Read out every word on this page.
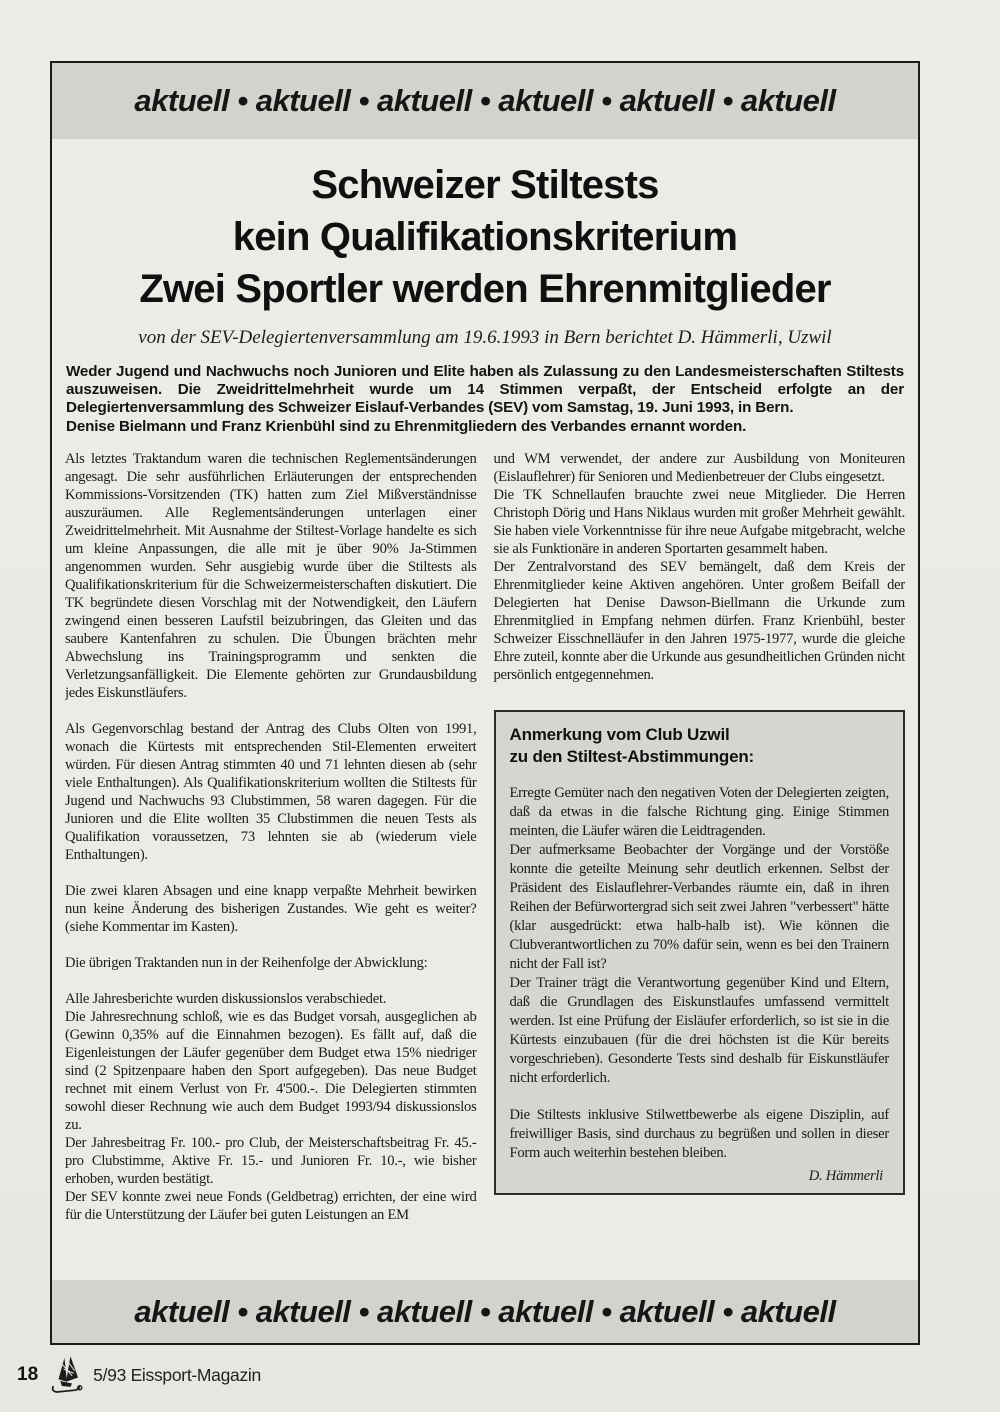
aktuell • aktuell • aktuell • aktuell • aktuell • aktuell
Schweizer Stiltests
kein Qualifikationskriterium
Zwei Sportler werden Ehrenmitglieder
von der SEV-Delegiertenversammlung am 19.6.1993 in Bern berichtet D. Hämmerli, Uzwil

Weder Jugend und Nachwuchs noch Junioren und Elite haben als Zulassung zu den Landesmeisterschaften Stiltests auszuweisen. Die Zweidrittelmehrheit wurde um 14 Stimmen verpaßt, der Entscheid erfolgte an der Delegiertenversammlung des Schweizer Eislauf-Verbandes (SEV) vom Samstag, 19. Juni 1993, in Bern.

Denise Bielmann und Franz Krienbühl sind zu Ehrenmitgliedern des Verbandes ernannt worden.

Als letztes Traktandum waren die technischen Reglementsänderungen angesagt. Die sehr ausführlichen Erläuterungen der entsprechenden Kommissions-Vorsitzenden (TK) hatten zum Ziel Mißverständnisse auszuräumen. Alle Reglementsänderungen unterlagen einer Zweidrittelmehrheit. Mit Ausnahme der Stiltest-Vorlage handelte es sich um kleine Anpassungen, die alle mit je über 90% Ja-Stimmen angenommen wurden. Sehr ausgiebig wurde über die Stiltests als Qualifikationskriterium für die Schweizermeisterschaften diskutiert. Die TK begründete diesen Vorschlag mit der Notwendigkeit, den Läufern zwingend einen besseren Laufstil beizubringen, das Gleiten und das saubere Kantenfahren zu schulen. Die Übungen brächten mehr Abwechslung ins Trainingsprogramm und senkten die Verletzungsanfälligkeit. Die Elemente gehörten zur Grundausbildung jedes Eiskunstläufers.

Als Gegenvorschlag bestand der Antrag des Clubs Olten von 1991, wonach die Kürtests mit entsprechenden Stil-Elementen erweitert würden. Für diesen Antrag stimmten 40 und 71 lehnten diesen ab (sehr viele Enthaltungen). Als Qualifikationskriterium wollten die Stiltests für Jugend und Nachwuchs 93 Clubstimmen, 58 waren dagegen. Für die Junioren und die Elite wollten 35 Clubstimmen die neuen Tests als Qualifikation voraussetzen, 73 lehnten sie ab (wiederum viele Enthaltungen).

Die zwei klaren Absagen und eine knapp verpaßte Mehrheit bewirken nun keine Änderung des bisherigen Zustandes. Wie geht es weiter? (siehe Kommentar im Kasten).

Die übrigen Traktanden nun in der Reihenfolge der Abwicklung:

Alle Jahresberichte wurden diskussionslos verabschiedet.

Die Jahresrechnung schloß, wie es das Budget vorsah, ausgeglichen ab (Gewinn 0,35% auf die Einnahmen bezogen). Es fällt auf, daß die Eigenleistungen der Läufer gegenüber dem Budget etwa 15% niedriger sind (2 Spitzenpaare haben den Sport aufgegeben). Das neue Budget rechnet mit einem Verlust von Fr. 4'500.-. Die Delegierten stimmten sowohl dieser Rechnung wie auch dem Budget 1993/94 diskussionslos zu.

Der Jahresbeitrag Fr. 100.- pro Club, der Meisterschaftsbeitrag Fr. 45.- pro Clubstimme, Aktive Fr. 15.- und Junioren Fr. 10.-, wie bisher erhoben, wurden bestätigt.

Der SEV konnte zwei neue Fonds (Geldbetrag) errichten, der eine wird für die Unterstützung der Läufer bei guten Leistungen an EM

und WM verwendet, der andere zur Ausbildung von Moniteuren (Eislauflehrer) für Senioren und Medienbetreuer der Clubs eingesetzt.

Die TK Schnellaufen brauchte zwei neue Mitglieder. Die Herren Christoph Dörig und Hans Niklaus wurden mit großer Mehrheit gewählt. Sie haben viele Vorkenntnisse für ihre neue Aufgabe mitgebracht, welche sie als Funktionäre in anderen Sportarten gesammelt haben.

Der Zentralvorstand des SEV bemängelt, daß dem Kreis der Ehrenmitglieder keine Aktiven angehören. Unter großem Beifall der Delegierten hat Denise Dawson-Biellmann die Urkunde zum Ehrenmitglied in Empfang nehmen dürfen. Franz Krienbühl, bester Schweizer Eisschnelläufer in den Jahren 1975-1977, wurde die gleiche Ehre zuteil, konnte aber die Urkunde aus gesundheitlichen Gründen nicht persönlich entgegennehmen.

Anmerkung vom Club Uzwil
zu den Stiltest-Abstimmungen:

Erregte Gemüter nach den negativen Voten der Delegierten zeigten, daß da etwas in die falsche Richtung ging. Einige Stimmen meinten, die Läufer wären die Leidtragenden.

Der aufmerksame Beobachter der Vorgänge und der Vorstöße konnte die geteilte Meinung sehr deutlich erkennen. Selbst der Präsident des Eislauflehrer-Verbandes räumte ein, daß in ihren Reihen der Befürwortergrad sich seit zwei Jahren "verbessert" hätte (klar ausgedrückt: etwa halb-halb ist). Wie können die Clubverantwortlichen zu 70% dafür sein, wenn es bei den Trainern nicht der Fall ist?

Der Trainer trägt die Verantwortung gegenüber Kind und Eltern, daß die Grundlagen des Eiskunstlaufes umfassend vermittelt werden. Ist eine Prüfung der Eisläufer erforderlich, so ist sie in die Kürtests einzubauen (für die drei höchsten ist die Kür bereits vorgeschrieben). Gesonderte Tests sind deshalb für Eiskunstläufer nicht erforderlich.

Die Stiltests inklusive Stilwettbewerbe als eigene Disziplin, auf freiwilliger Basis, sind durchaus zu begrüßen und sollen in dieser Form auch weiterhin bestehen bleiben.

D. Hämmerli
aktuell • aktuell • aktuell • aktuell • aktuell • aktuell
18	5/93 Eissport-Magazin
